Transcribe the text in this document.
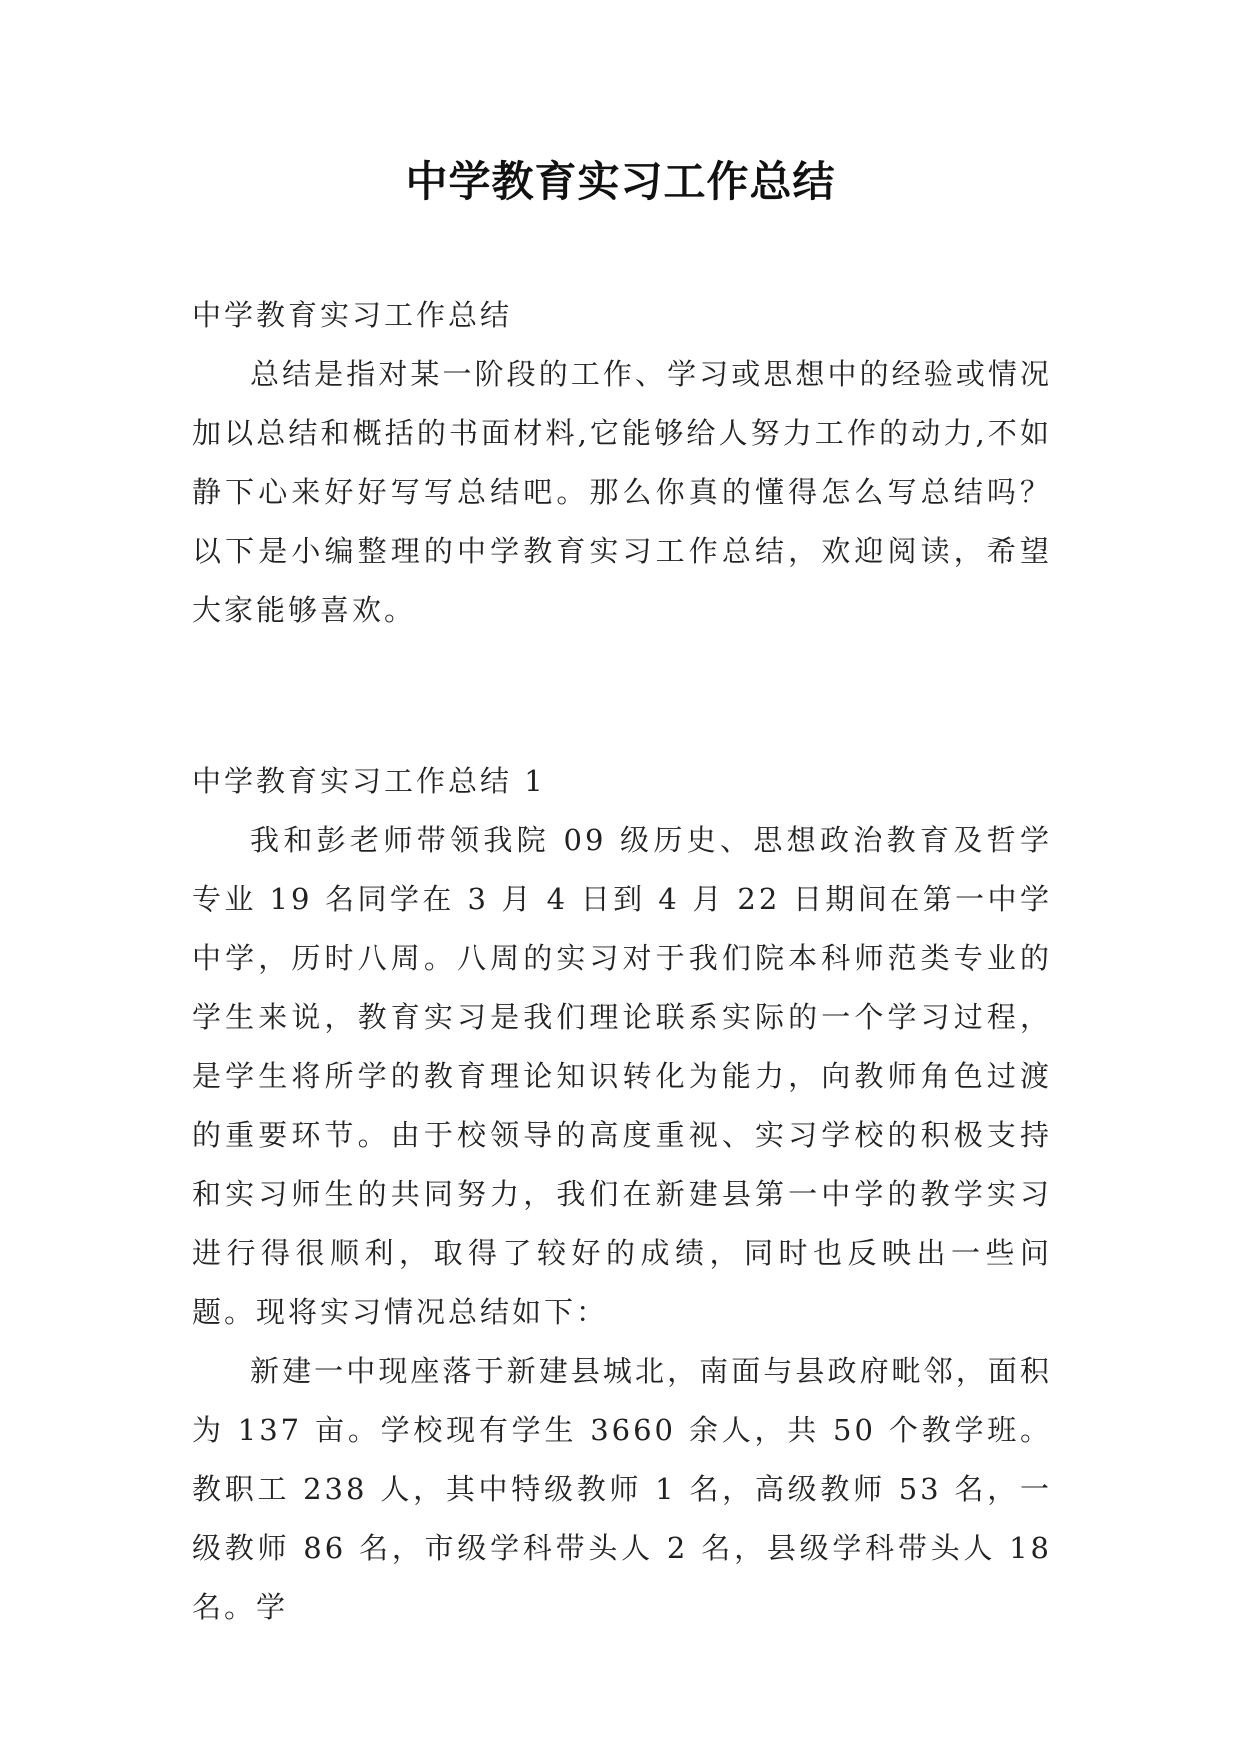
中学教育实习工作总结

中学教育实习工作总结

总结是指对某一阶段的工作、学习或思想中的经验或情况加以总结和概括的书面材料,它能够给人努力工作的动力,不如静下心来好好写写总结吧。那么你真的懂得怎么写总结吗？以下是小编整理的中学教育实习工作总结，欢迎阅读，希望大家能够喜欢。

中学教育实习工作总结 1

我和彭老师带领我院 09 级历史、思想政治教育及哲学专业 19 名同学在 3 月 4 日到 4 月 22 日期间在第一中学中学，历时八周。八周的实习对于我们院本科师范类专业的学生来说，教育实习是我们理论联系实际的一个学习过程，是学生将所学的教育理论知识转化为能力，向教师角色过渡的重要环节。由于校领导的高度重视、实习学校的积极支持和实习师生的共同努力，我们在新建县第一中学的教学实习进行得很顺利，取得了较好的成绩，同时也反映出一些问题。现将实习情况总结如下：

新建一中现座落于新建县城北，南面与县政府毗邻，面积为 137 亩。学校现有学生 3660 余人，共 50 个教学班。教职工 238 人，其中特级教师 1 名，高级教师 53 名，一级教师 86 名，市级学科带头人 2 名，县级学科带头人 18 名。学
